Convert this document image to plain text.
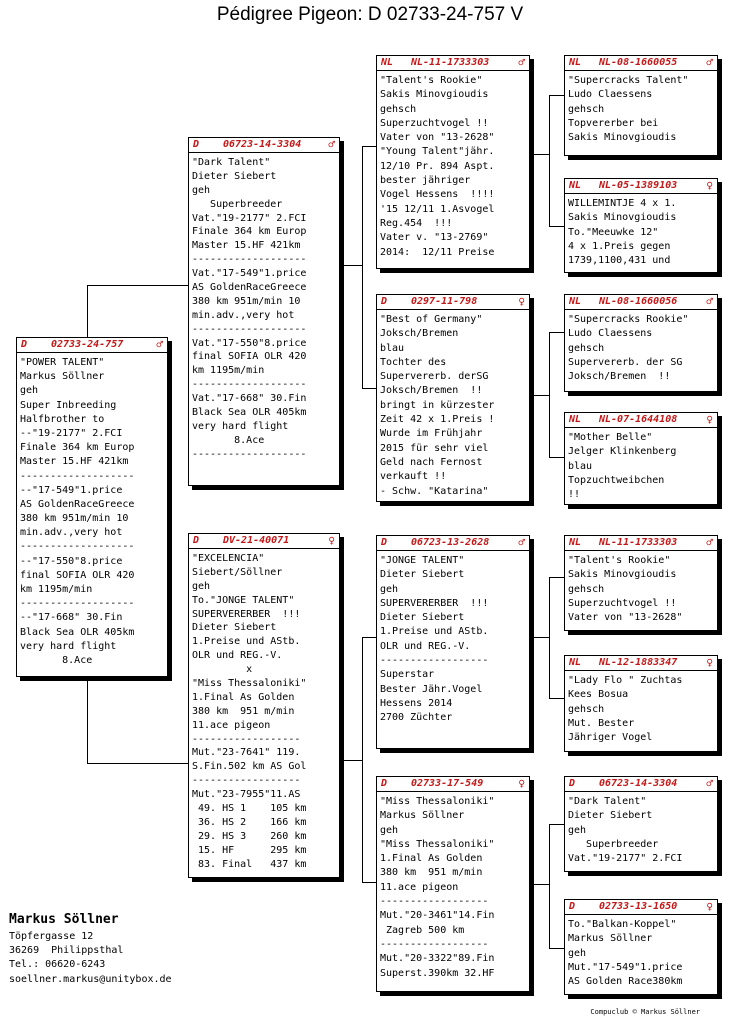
Pédigree Pigeon: D 02733-24-757 V
D 02733-24-757	♂
"POWER TALENT"
Markus Söllner
geh
Super Inbreeding
Halfbrother to
--"19-2177" 2.FCI
Finale 364 km Europ
Master 15.HF 421km
-------------------
--"17-549"1.price
AS GoldenRaceGreece
380 km 951m/min 10
min.adv.,very hot
-------------------
--"17-550"8.price
final SOFIA OLR 420
km 1195m/min
-------------------
--"17-668" 30.Fin
Black Sea OLR 405km
very hard flight
8.Ace
D 06723-14-3304 ♂
"Dark Talent"
Dieter Siebert
geh
Superbreeder
Vat."19-2177" 2.FCI
Finale 364 km Europ
Master 15.HF 421km
-------------------
Vat."17-549"1.price
AS GoldenRaceGreece
380 km 951m/min 10
min.adv.,very hot
-------------------
Vat."17-550"8.price
final SOFIA OLR 420
km 1195m/min
-------------------
Vat."17-668" 30.Fin
Black Sea OLR 405km
very hard flight
8.Ace
-------------------
D DV-21-40071	♀
"EXCELENCIA"
Siebert/Söllner
geh
To."JONGE TALENT"
SUPERVERERBER  !!!
Dieter Siebert
1.Preise und AStb.
OLR und REG.-V.
x
"Miss Thessaloniki"
1.Final As Golden
380 km  951 m/min
11.ace pigeon
------------------
Mut."23-7641" 119.
S.Fin.502 km AS Gol
------------------
Mut."23-7955"11.AS
49. HS 1    105 km
36. HS 2    166 km
29. HS 3    260 km
15. HF      295 km
83. Final   437 km
NL NL-11-1733303	♂
"Talent's Rookie"
Sakis Minovgioudis
gehsch
Superzuchtvogel !!
Vater von "13-2628"
"Young Talent"jähr.
12/10 Pr. 894 Aspt.
bester jähriger
Vogel Hessens  !!!!
'15 12/11 1.Asvogel
Reg.454  !!!
Vater v. "13-2769"
2014:  12/11 Preise
D 0297-11-798	♀
"Best of Germany"
Joksch/Bremen
blau
Tochter des
Supervererb. derSG
Joksch/Bremen  !!
bringt in kürzester
Zeit 42 x 1.Preis !
Wurde im Frühjahr
2015 für sehr viel
Geld nach Fernost
verkauft !!
- Schw. "Katarina"
D 06723-13-2628	♂
"JONGE TALENT"
Dieter Siebert
geh
SUPERVERERBER  !!!
Dieter Siebert
1.Preise und AStb.
OLR und REG.-V.
------------------
Superstar
Bester Jähr.Vogel
Hessens 2014
2700 Züchter
D 02733-17-549	♀
"Miss Thessaloniki"
Markus Söllner
geh
"Miss Thessaloniki"
1.Final As Golden
380 km  951 m/min
11.ace pigeon
------------------
Mut."20-3461"14.Fin
Zagreb 500 km
------------------
Mut."20-3322"89.Fin
Superst.390km 32.HF
NL NL-08-1660055	♂
"Supercracks Talent"
Ludo Claessens
gehsch
Topvererber bei
Sakis Minovgioudis
NL NL-05-1389103	♀
WILLEMINTJE 4 x 1.
Sakis Minovgioudis
To."Meeuwke 12"
4 x 1.Preis gegen
1739,1100,431 und
NL NL-08-1660056	♂
"Supercracks Rookie"
Ludo Claessens
gehsch
Supervererb. der SG
Joksch/Bremen  !!
NL NL-07-1644108	♀
"Mother Belle"
Jelger Klinkenberg
blau
Topzuchtweibchen
!!
NL NL-11-1733303	♂
"Talent's Rookie"
Sakis Minovgioudis
gehsch
Superzuchtvogel !!
Vater von "13-2628"
NL NL-12-1883347	♀
"Lady Flo " Zuchtas
Kees Bosua
gehsch
Mut. Bester
Jähriger Vogel
D 06723-14-3304	♂
"Dark Talent"
Dieter Siebert
geh
Superbreeder
Vat."19-2177" 2.FCI
D 02733-13-1650	♀
To."Balkan-Koppel"
Markus Söllner
geh
Mut."17-549"1.price
AS Golden Race380km
Markus Söllner
Töpfergasse 12
36269  Philippsthal
Tel.: 06620-6243
soellner.markus@unitybox.de
Compuclub © Markus Söllner
